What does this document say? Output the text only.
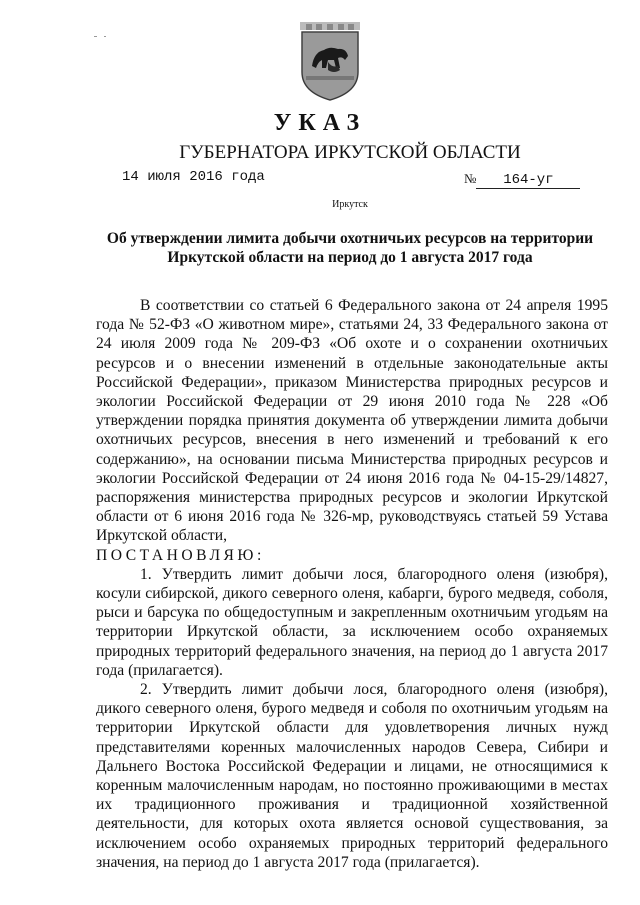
УКАЗ
ГУБЕРНАТОРА ИРКУТСКОЙ ОБЛАСТИ
14 июля 2016 года	№ 164-уг
Иркутск
Об утверждении лимита добычи охотничьих ресурсов на территории Иркутской области на период до 1 августа 2017 года

В соответствии со статьей 6 Федерального закона от 24 апреля 1995 года № 52-ФЗ «О животном мире», статьями 24, 33 Федерального закона от 24 июля 2009 года № 209-ФЗ «Об охоте и о сохранении охотничьих ресурсов и о внесении изменений в отдельные законодательные акты Российской Федерации», приказом Министерства природных ресурсов и экологии Российской Федерации от 29 июня 2010 года № 228 «Об утверждении порядка принятия документа об утверждении лимита добычи охотничьих ресурсов, внесения в него изменений и требований к его содержанию», на основании письма Министерства природных ресурсов и экологии Российской Федерации от 24 июня 2016 года № 04-15-29/14827, распоряжения министерства природных ресурсов и экологии Иркутской области от 6 июня 2016 года № 326-мр, руководствуясь статьей 59 Устава Иркутской области,

ПОСТАНОВЛЯЮ:

1. Утвердить лимит добычи лося, благородного оленя (изюбря), косули сибирской, дикого северного оленя, кабарги, бурого медведя, соболя, рыси и барсука по общедоступным и закрепленным охотничьим угодьям на территории Иркутской области, за исключением особо охраняемых природных территорий федерального значения, на период до 1 августа 2017 года (прилагается).

2. Утвердить лимит добычи лося, благородного оленя (изюбря), дикого северного оленя, бурого медведя и соболя по охотничьим угодьям на территории Иркутской области для удовлетворения личных нужд представителями коренных малочисленных народов Севера, Сибири и Дальнего Востока Российской Федерации и лицами, не относящимися к коренным малочисленным народам, но постоянно проживающими в местах их традиционного проживания и традиционной хозяйственной деятельности, для которых охота является основой существования, за исключением особо охраняемых природных территорий федерального значения, на период до 1 августа 2017 года (прилагается).
